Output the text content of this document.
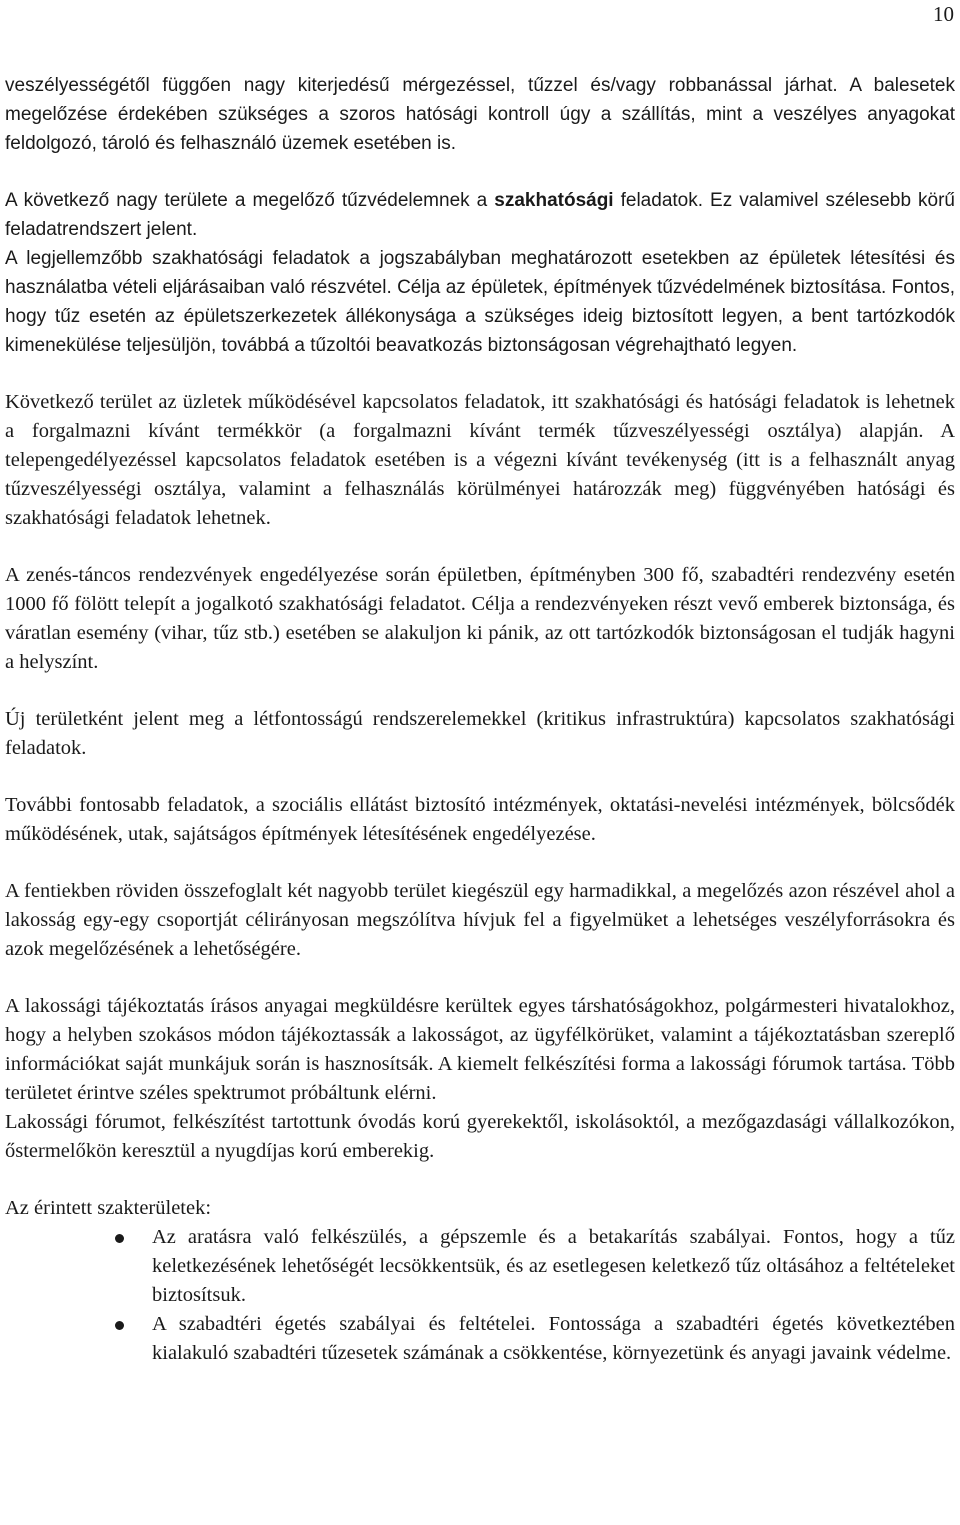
10

veszélyességétől függően nagy kiterjedésű mérgezéssel, tűzzel és/vagy robbanással járhat. A balesetek megelőzése érdekében szükséges a szoros hatósági kontroll úgy a szállítás, mint a veszélyes anyagokat feldolgozó, tároló és felhasználó üzemek esetében is.

A következő nagy területe a megelőző tűzvédelemnek a szakhatósági feladatok. Ez valamivel szélesebb körű feladatrendszert jelent.

A legjellemzőbb szakhatósági feladatok a jogszabályban meghatározott esetekben az épületek létesítési és használatba vételi eljárásaiban való részvétel. Célja az épületek, építmények tűzvédelmének biztosítása. Fontos, hogy tűz esetén az épületszerkezetek állékonysága a szükséges ideig biztosított legyen, a bent tartózkodók kimenekülése teljesüljön, továbbá a tűzoltói beavatkozás biztonságosan végrehajtható legyen.

Következő terület az üzletek működésével kapcsolatos feladatok, itt szakhatósági és hatósági feladatok is lehetnek a forgalmazni kívánt termékkör (a forgalmazni kívánt termék tűzveszélyességi osztálya) alapján. A telepengedélyezéssel kapcsolatos feladatok esetében is a végezni kívánt tevékenység (itt is a felhasznált anyag tűzveszélyességi osztálya, valamint a felhasználás körülményei határozzák meg) függvényében hatósági és szakhatósági feladatok lehetnek.

A zenés-táncos rendezvények engedélyezése során épületben, építményben 300 fő, szabadtéri rendezvény esetén 1000 fő fölött telepít a jogalkotó szakhatósági feladatot. Célja a rendezvényeken részt vevő emberek biztonsága, és váratlan esemény (vihar, tűz stb.) esetében se alakuljon ki pánik, az ott tartózkodók biztonságosan el tudják hagyni a helyszínt.

Új területként jelent meg a létfontosságú rendszerelemekkel (kritikus infrastruktúra) kapcsolatos szakhatósági feladatok.

További fontosabb feladatok, a szociális ellátást biztosító intézmények, oktatási-nevelési intézmények, bölcsődék működésének, utak, sajátságos építmények létesítésének engedélyezése.

A fentiekben röviden összefoglalt két nagyobb terület kiegészül egy harmadikkal, a megelőzés azon részével ahol a lakosság egy-egy csoportját célirányosan megszólítva hívjuk fel a figyelmüket a lehetséges veszélyforrásokra és azok megelőzésének a lehetőségére.

A lakossági tájékoztatás írásos anyagai megküldésre kerültek egyes társhatóságokhoz, polgármesteri hivatalokhoz, hogy a helyben szokásos módon tájékoztassák a lakosságot, az ügyfélkörüket, valamint a tájékoztatásban szereplő információkat saját munkájuk során is hasznosítsák. A kiemelt felkészítési forma a lakossági fórumok tartása. Több területet érintve széles spektrumot próbáltunk elérni.

Lakossági fórumot, felkészítést tartottunk óvodás korú gyerekektől, iskolásoktól, a mezőgazdasági vállalkozókon, őstermelőkön keresztül a nyugdíjas korú emberekig.

Az érintett szakterületek:

Az aratásra való felkészülés, a gépszemle és a betakarítás szabályai. Fontos, hogy a tűz keletkezésének lehetőségét lecsökkentsük, és az esetlegesen keletkező tűz oltásához a feltételeket biztosítsuk.
A szabadtéri égetés szabályai és feltételei. Fontossága a szabadtéri égetés következtében kialakuló szabadtéri tűzesetek számának a csökkentése, környezetünk és anyagi javaink védelme.
